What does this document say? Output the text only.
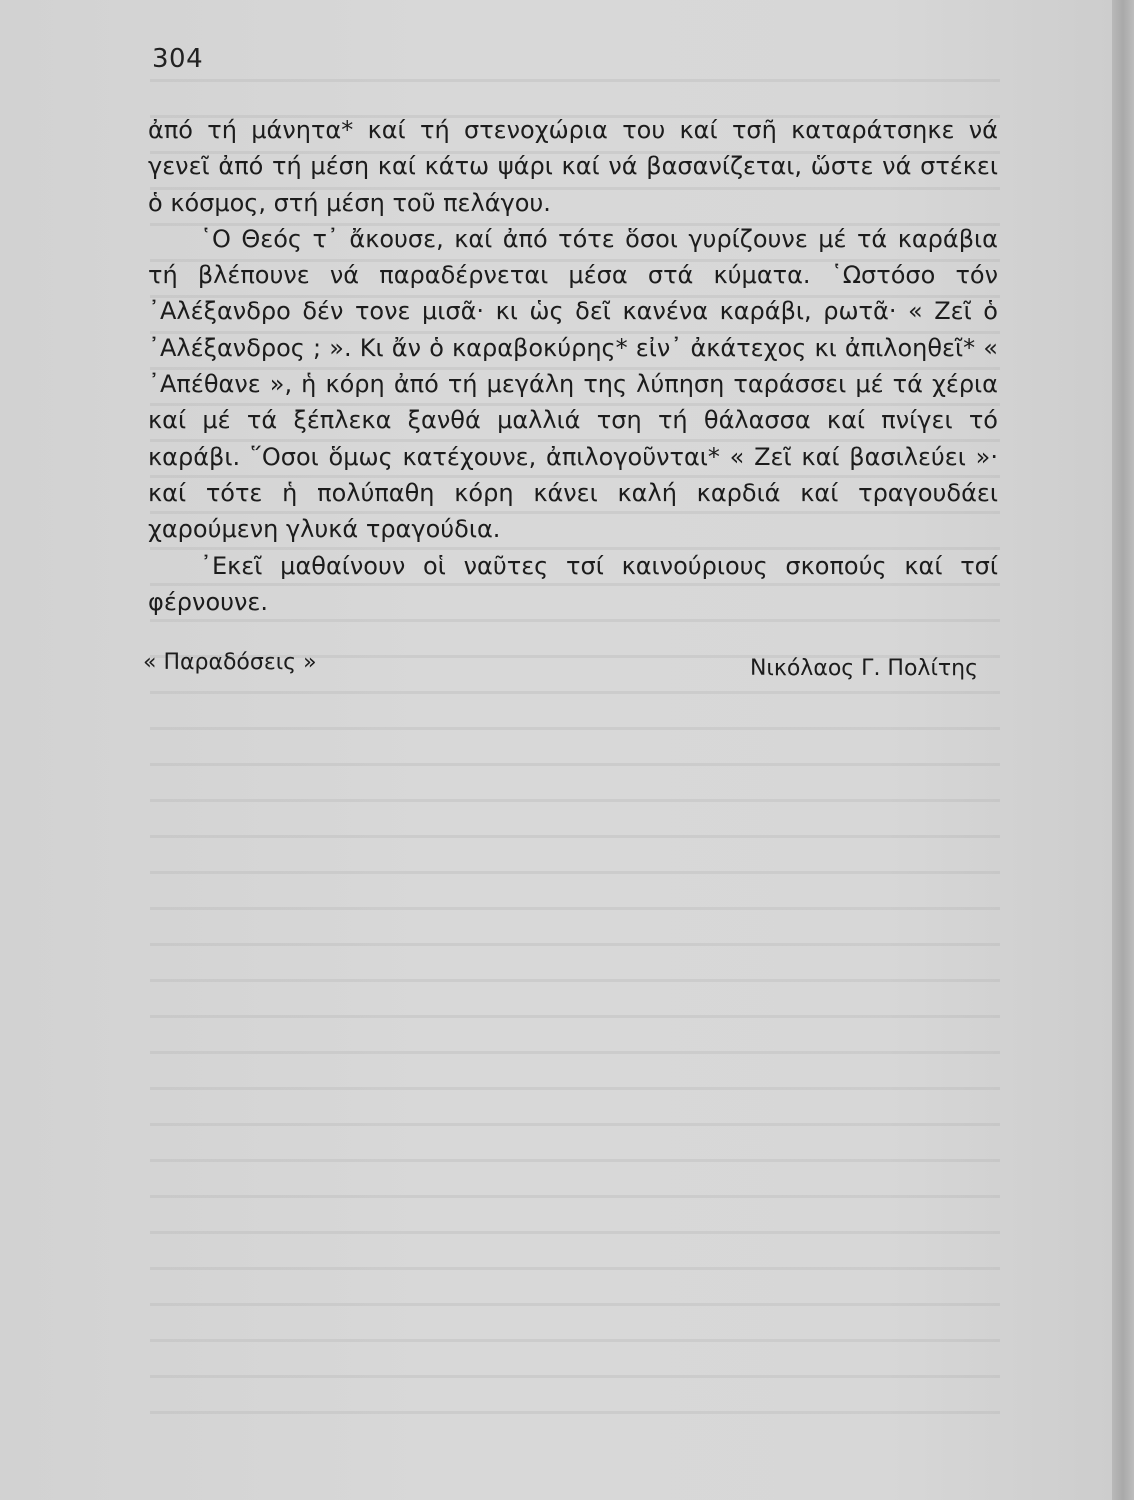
304

ἀπό τή μάνητα* καί τή στενοχώρια του καί τσῆ καταράτσηκε νά γενεῖ ἀπό τή μέση καί κάτω ψάρι καί νά βασανίζεται, ὥστε νά στέκει ὁ κόσμος, στή μέση τοῦ πελάγου.

῾Ο Θεός τ᾽ ἄκουσε, καί ἀπό τότε ὅσοι γυρίζουνε μέ τά καράβια τή βλέπουνε νά παραδέρνεται μέσα στά κύματα. ῾Ωστόσο τόν ᾽Αλέξανδρο δέν τονε μισᾶ· κι ὡς δεῖ κανένα καράβι, ρωτᾶ· « Ζεῖ ὁ ᾽Αλέξανδρος ; ». Κι ἄν ὁ καραβοκύρης* εἰν᾽ ἀκάτεχος κι ἀπιλοηθεῖ* « ᾽Απέθανε », ἡ κόρη ἀπό τή μεγάλη της λύπηση ταράσσει μέ τά χέρια καί μέ τά ξέπλεκα ξανθά μαλλιά τση τή θάλασσα καί πνίγει τό καράβι. ῞Οσοι ὅμως κατέχουνε, ἀπιλογοῦνται* « Ζεῖ καί βασιλεύει »· καί τότε ἡ πολύπαθη κόρη κάνει καλή καρδιά καί τραγουδάει χαρούμενη γλυκά τραγούδια.

᾽Εκεῖ μαθαίνουν οἱ ναῦτες τσί καινούριους σκοπούς καί τσί φέρνουνε.

« Παραδόσεις »	Νικόλαος Γ. Πολίτης
